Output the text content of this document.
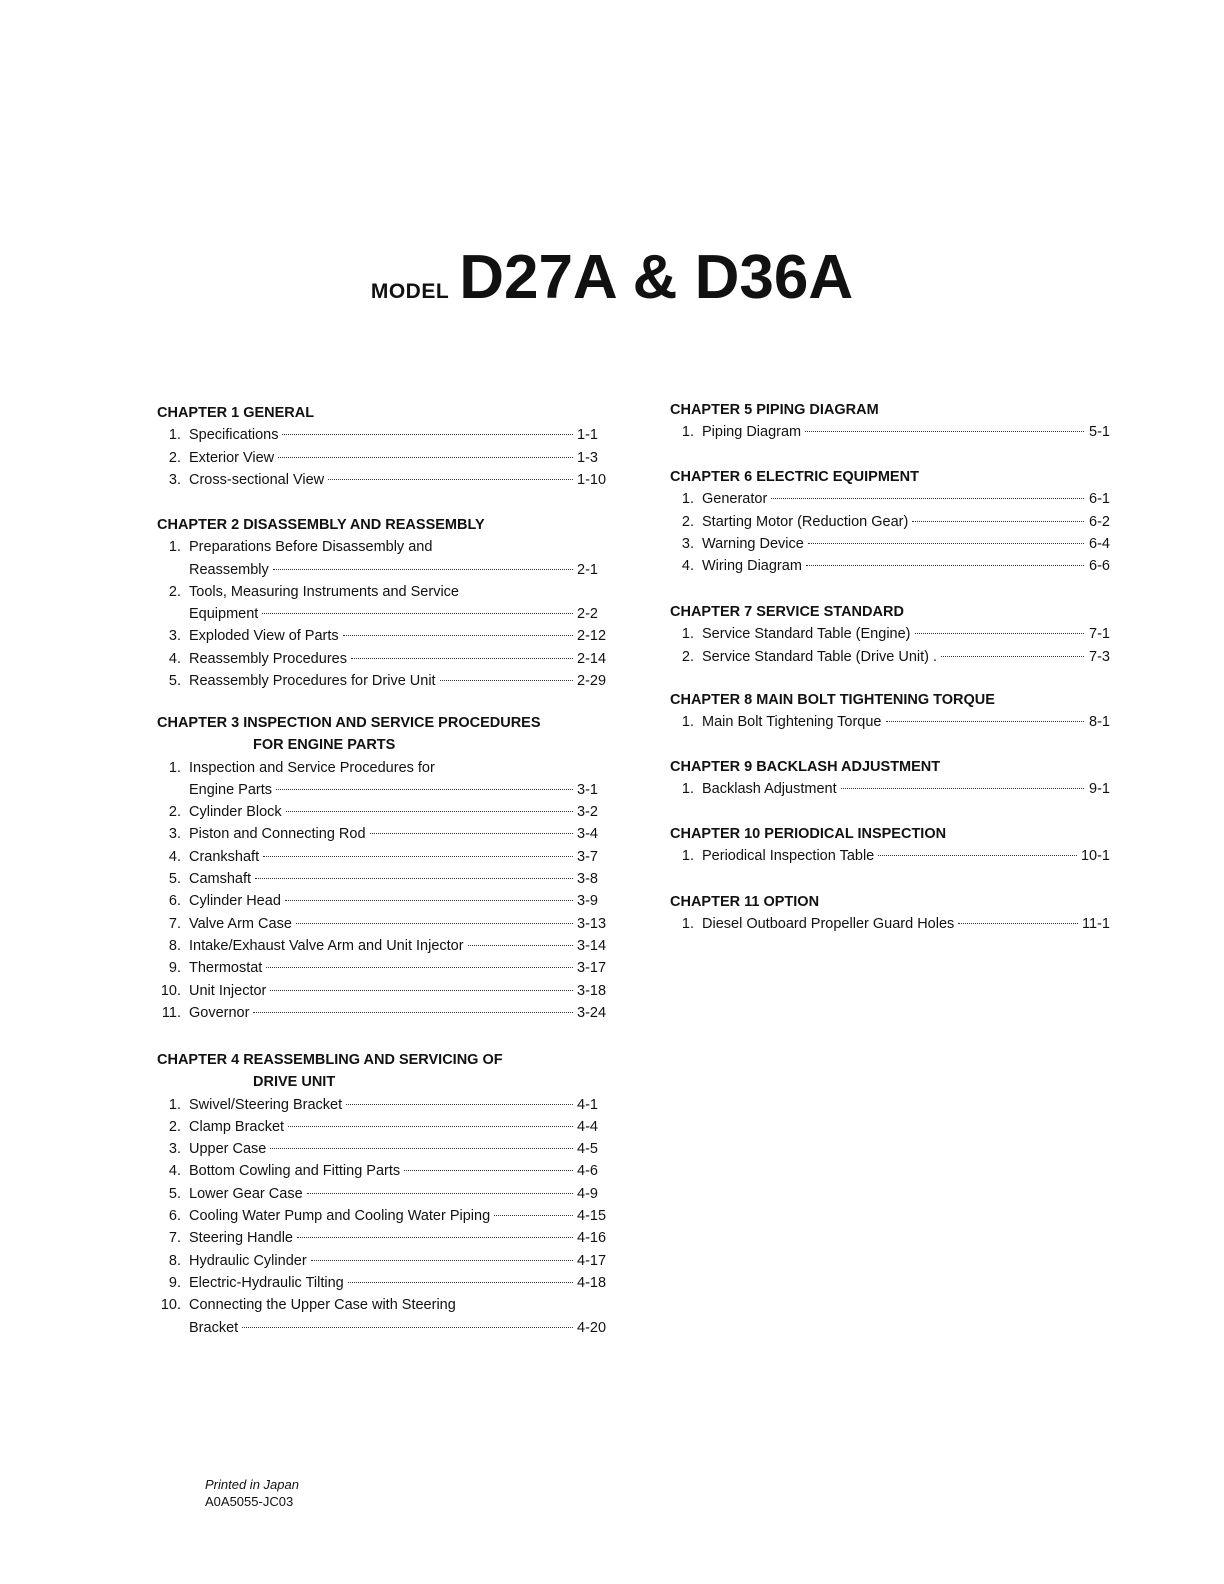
MODEL D27A & D36A
CHAPTER 1 GENERAL
1. Specifications	1-1
2. Exterior View	1-3
3. Cross-sectional View	1-10
CHAPTER 2 DISASSEMBLY AND REASSEMBLY
1. Preparations Before Disassembly and
Reassembly	2-1
2. Tools, Measuring Instruments and Service
Equipment	2-2
3. Exploded View of Parts	2-12
4. Reassembly Procedures	2-14
5. Reassembly Procedures for Drive Unit	2-29
CHAPTER 3 INSPECTION AND SERVICE PROCEDURES
FOR ENGINE PARTS
1. Inspection and Service Procedures for
Engine Parts	3-1
2. Cylinder Block	3-2
3. Piston and Connecting Rod	3-4
4. Crankshaft	3-7
5. Camshaft	3-8
6. Cylinder Head	3-9
7. Valve Arm Case	3-13
8. Intake/Exhaust Valve Arm and Unit Injector	3-14
9. Thermostat	3-17
10. Unit Injector	3-18
11. Governor	3-24
CHAPTER 4 REASSEMBLING AND SERVICING OF
DRIVE UNIT
1. Swivel/Steering Bracket	4-1
2. Clamp Bracket	4-4
3. Upper Case	4-5
4. Bottom Cowling and Fitting Parts	4-6
5. Lower Gear Case	4-9
6. Cooling Water Pump and Cooling Water Piping	4-15
7. Steering Handle	4-16
8. Hydraulic Cylinder	4-17
9. Electric-Hydraulic Tilting	4-18
10. Connecting the Upper Case with Steering
Bracket	4-20
CHAPTER 5 PIPING DIAGRAM
1. Piping Diagram	5-1
CHAPTER 6 ELECTRIC EQUIPMENT
1. Generator	6-1
2. Starting Motor (Reduction Gear)	6-2
3. Warning Device	6-4
4. Wiring Diagram	6-6
CHAPTER 7 SERVICE STANDARD
1. Service Standard Table (Engine)	7-1
2. Service Standard Table (Drive Unit) .	7-3
CHAPTER 8 MAIN BOLT TIGHTENING TORQUE
1. Main Bolt Tightening Torque	8-1
CHAPTER 9 BACKLASH ADJUSTMENT
1. Backlash Adjustment	9-1
CHAPTER 10 PERIODICAL INSPECTION
1. Periodical Inspection Table	10-1
CHAPTER 11 OPTION
1. Diesel Outboard Propeller Guard Holes	11-1
Printed in Japan
A0A5055-JC03
